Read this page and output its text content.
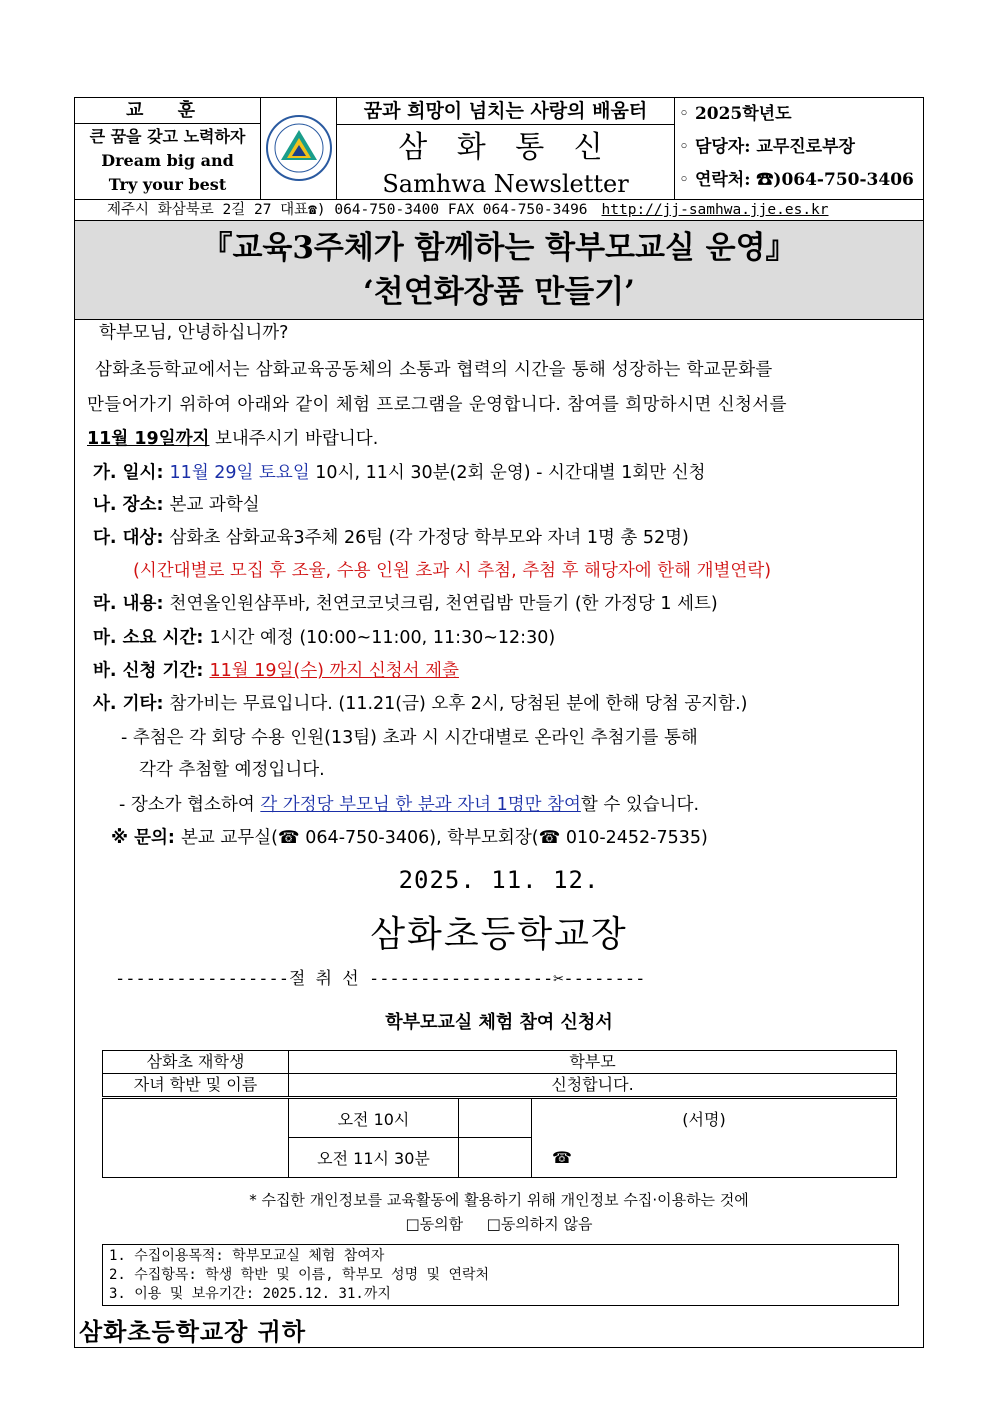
교 훈
큰 꿈을 갖고 노력하자
Dream big and
Try your best
꿈과 희망이 넘치는 사랑의 배움터
삼 화 통 신
Samhwa Newsletter
◦ 2025학년도
◦ 담당자: 교무진로부장
◦ 연락처: ☎)064-750-3406
제주시 화삼북로 2길 27 대표☎) 064-750-3400 FAX 064-750-3496 http://jj-samhwa.jje.es.kr
『교육3주체가 함께하는 학부모교실 운영』
‘천연화장품 만들기’
학부모님, 안녕하십니까?
삼화초등학교에서는 삼화교육공동체의 소통과 협력의 시간을 통해 성장하는 학교문화를
만들어가기 위하여 아래와 같이 체험 프로그램을 운영합니다. 참여를 희망하시면 신청서를
11월 19일까지 보내주시기 바랍니다.
가. 일시: 11월 29일 토요일 10시, 11시 30분(2회 운영) - 시간대별 1회만 신청
나. 장소: 본교 과학실
다. 대상: 삼화초 삼화교육3주체 26팀 (각 가정당 학부모와 자녀 1명 총 52명)
(시간대별로 모집 후 조율, 수용 인원 초과 시 추첨, 추첨 후 해당자에 한해 개별연락)
라. 내용: 천연올인원샴푸바, 천연코코넛크림, 천연립밤 만들기 (한 가정당 1 세트)
마. 소요 시간: 1시간 예정 (10:00~11:00, 11:30~12:30)
바. 신청 기간: 11월 19일(수) 까지 신청서 제출
사. 기타: 참가비는 무료입니다. (11.21(금) 오후 2시, 당첨된 분에 한해 당첨 공지함.)
- 추첨은 각 회당 수용 인원(13팀) 초과 시 시간대별로 온라인 추첨기를 통해
각각 추첨할 예정입니다.
- 장소가 협소하여 각 가정당 부모님 한 분과 자녀 1명만 참여할 수 있습니다.
※ 문의: 본교 교무실(☎ 064-750-3406), 학부모회장(☎ 010-2452-7535)
2025. 11. 12.
삼화초등학교장
-----------------절 취 선 ------------------✂--------
학부모교실 체험 참여 신청서
삼화초 재학생	학부모		
자녀 학반 및 이름	신청합니다.		
	오전 10시		(서명)
	오전 11시 30분		☎
* 수집한 개인정보를 교육활동에 활용하기 위해 개인정보 수집·이용하는 것에
□동의함 □동의하지 않음
1. 수집이용목적: 학부모교실 체험 참여자
2. 수집항목: 학생 학반 및 이름, 학부모 성명 및 연락처
3. 이용 및 보유기간: 2025.12. 31.까지
삼화초등학교장 귀하
